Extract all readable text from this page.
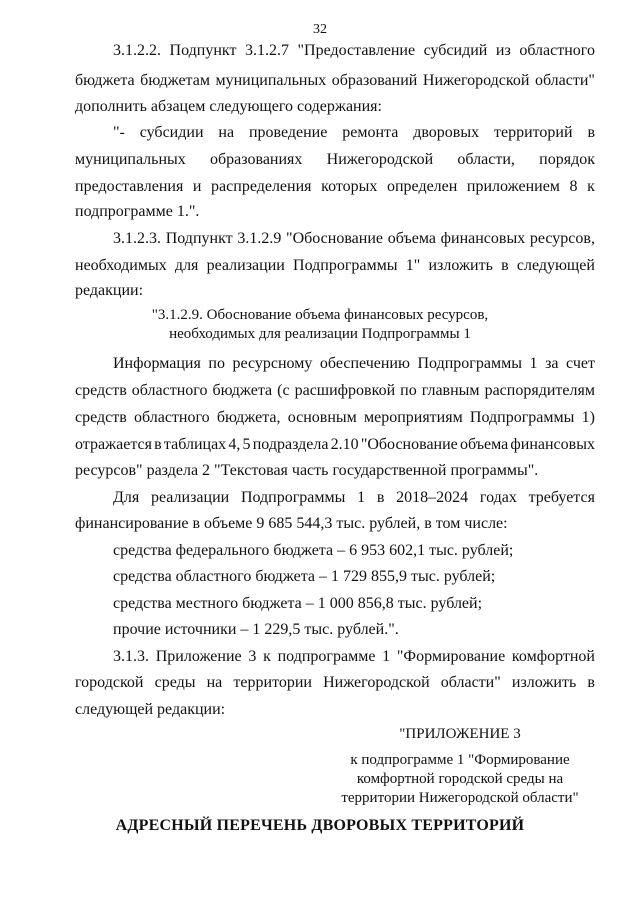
32
3.1.2.2. Подпункт 3.1.2.7 "Предоставление субсидий из областного
бюджета бюджетам муниципальных образований Нижегородской области"
дополнить абзацем следующего содержания:
"- субсидии на проведение ремонта дворовых территорий в
муниципальных образованиях Нижегородской области, порядок
предоставления и распределения которых определен приложением 8 к
подпрограмме 1.".
3.1.2.3. Подпункт 3.1.2.9 "Обоснование объема финансовых ресурсов,
необходимых для реализации Подпрограммы 1" изложить в следующей
редакции:
"3.1.2.9. Обоснование объема финансовых ресурсов,
необходимых для реализации Подпрограммы 1
Информация по ресурсному обеспечению Подпрограммы 1 за счет
средств областного бюджета (с расшифровкой по главным распорядителям
средств областного бюджета, основным мероприятиям Подпрограммы 1)
отражается в таблицах 4, 5 подраздела 2.10 "Обоснование объема финансовых
ресурсов" раздела 2 "Текстовая часть государственной программы".
Для реализации Подпрограммы 1 в 2018–2024 годах требуется
финансирование в объеме 9 685 544,3 тыс. рублей, в том числе:
средства федерального бюджета – 6 953 602,1 тыс. рублей;
средства областного бюджета – 1 729 855,9 тыс. рублей;
средства местного бюджета – 1 000 856,8 тыс. рублей;
прочие источники – 1 229,5 тыс. рублей.".
3.1.3. Приложение 3 к подпрограмме 1 "Формирование комфортной
городской среды на территории Нижегородской области" изложить в
следующей редакции:
"ПРИЛОЖЕНИЕ 3
к подпрограмме 1 "Формирование
комфортной городской среды на
территории Нижегородской области"
АДРЕСНЫЙ ПЕРЕЧЕНЬ ДВОРОВЫХ ТЕРРИТОРИЙ
